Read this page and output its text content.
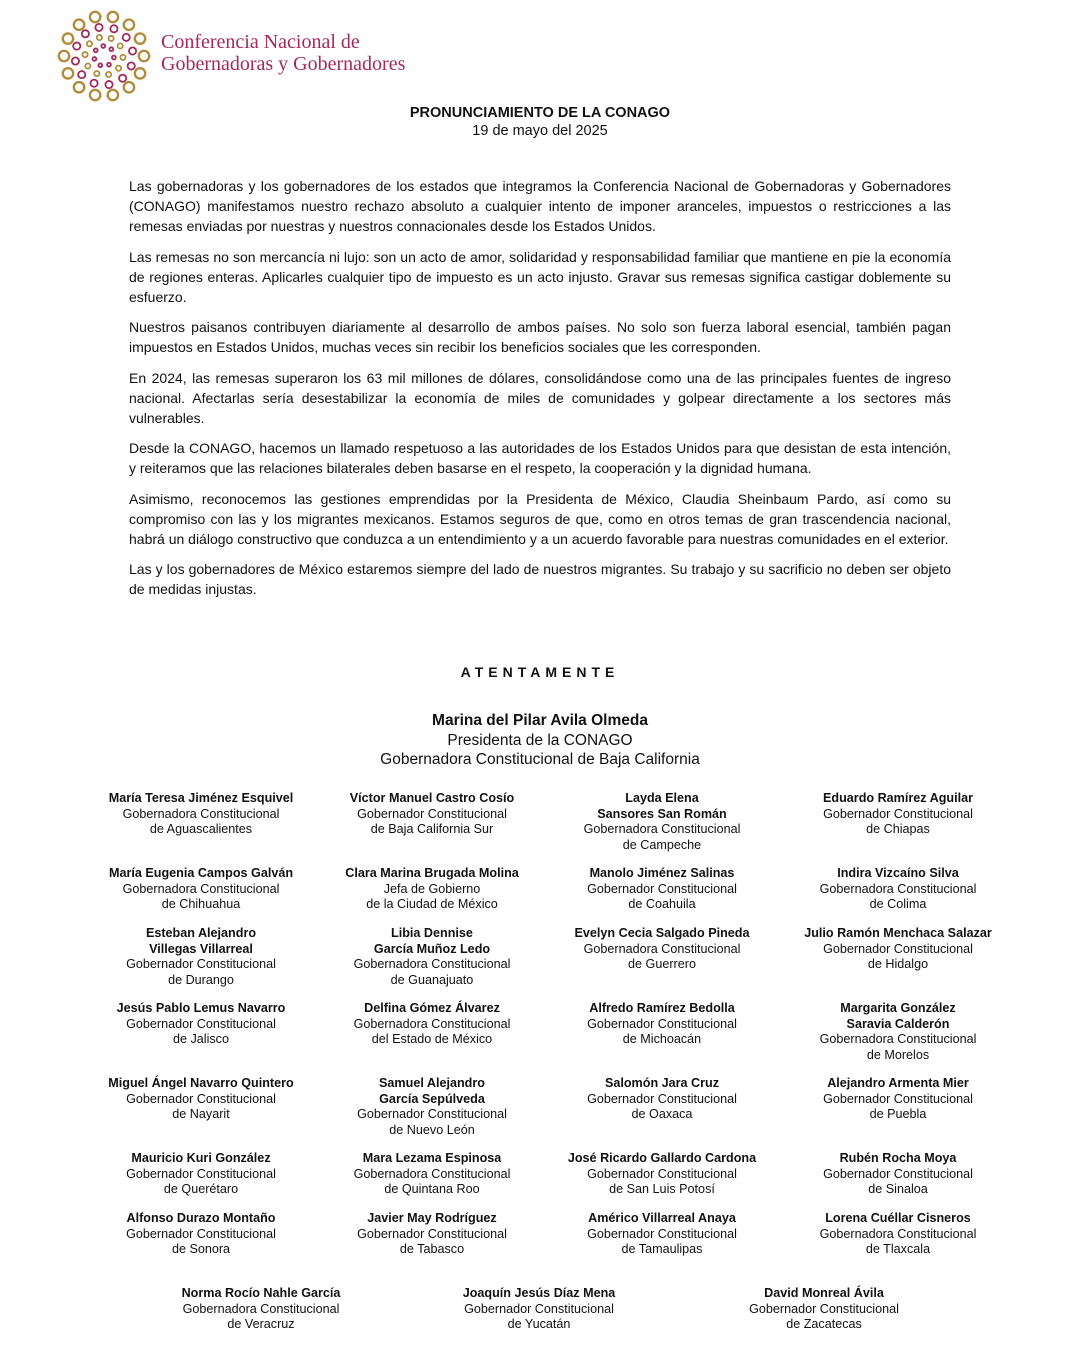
Conferencia Nacional de
Gobernadoras y Gobernadores
PRONUNCIAMIENTO DE LA CONAGO
19 de mayo del 2025

Las gobernadoras y los gobernadores de los estados que integramos la Conferencia Nacional de Gobernadoras y Gobernadores (CONAGO) manifestamos nuestro rechazo absoluto a cualquier intento de imponer aranceles, impuestos o restricciones a las remesas enviadas por nuestras y nuestros connacionales desde los Estados Unidos.

Las remesas no son mercancía ni lujo: son un acto de amor, solidaridad y responsabilidad familiar que mantiene en pie la economía de regiones enteras. Aplicarles cualquier tipo de impuesto es un acto injusto. Gravar sus remesas significa castigar doblemente su esfuerzo.

Nuestros paisanos contribuyen diariamente al desarrollo de ambos países. No solo son fuerza laboral esencial, también pagan impuestos en Estados Unidos, muchas veces sin recibir los beneficios sociales que les corresponden.

En 2024, las remesas superaron los 63 mil millones de dólares, consolidándose como una de las principales fuentes de ingreso nacional. Afectarlas sería desestabilizar la economía de miles de comunidades y golpear directamente a los sectores más vulnerables.

Desde la CONAGO, hacemos un llamado respetuoso a las autoridades de los Estados Unidos para que desistan de esta intención, y reiteramos que las relaciones bilaterales deben basarse en el respeto, la cooperación y la dignidad humana.

Asimismo, reconocemos las gestiones emprendidas por la Presidenta de México, Claudia Sheinbaum Pardo, así como su compromiso con las y los migrantes mexicanos. Estamos seguros de que, como en otros temas de gran trascendencia nacional, habrá un diálogo constructivo que conduzca a un entendimiento y a un acuerdo favorable para nuestras comunidades en el exterior.

Las y los gobernadores de México estaremos siempre del lado de nuestros migrantes. Su trabajo y su sacrificio no deben ser objeto de medidas injustas.

ATENTAMENTE
Marina del Pilar Avila Olmeda
Presidenta de la CONAGO
Gobernadora Constitucional de Baja California
María Teresa Jiménez Esquivel
Gobernadora Constitucional
de Aguascalientes
Víctor Manuel Castro Cosío
Gobernador Constitucional
de Baja California Sur
Layda Elena
Sansores San Román
Gobernadora Constitucional
de Campeche
Eduardo Ramírez Aguilar
Gobernador Constitucional
de Chiapas
María Eugenia Campos Galván
Gobernadora Constitucional
de Chihuahua
Clara Marina Brugada Molina
Jefa de Gobierno
de la Ciudad de México
Manolo Jiménez Salinas
Gobernador Constitucional
de Coahuila
Indira Vizcaíno Silva
Gobernadora Constitucional
de Colima
Esteban Alejandro
Villegas Villarreal
Gobernador Constitucional
de Durango
Libia Dennise
García Muñoz Ledo
Gobernadora Constitucional
de Guanajuato
Evelyn Cecia Salgado Pineda
Gobernadora Constitucional
de Guerrero
Julio Ramón Menchaca Salazar
Gobernador Constitucional
de Hidalgo
Jesús Pablo Lemus Navarro
Gobernador Constitucional
de Jalisco
Delfina Gómez Álvarez
Gobernadora Constitucional
del Estado de México
Alfredo Ramírez Bedolla
Gobernador Constitucional
de Michoacán
Margarita González
Saravia Calderón
Gobernadora Constitucional
de Morelos
Miguel Ángel Navarro Quintero
Gobernador Constitucional
de Nayarit
Samuel Alejandro
García Sepúlveda
Gobernador Constitucional
de Nuevo León
Salomón Jara Cruz
Gobernador Constitucional
de Oaxaca
Alejandro Armenta Mier
Gobernador Constitucional
de Puebla
Mauricio Kuri González
Gobernador Constitucional
de Querétaro
Mara Lezama Espinosa
Gobernadora Constitucional
de Quintana Roo
José Ricardo Gallardo Cardona
Gobernador Constitucional
de San Luis Potosí
Rubén Rocha Moya
Gobernador Constitucional
de Sinaloa
Alfonso Durazo Montaño
Gobernador Constitucional
de Sonora
Javier May Rodríguez
Gobernador Constitucional
de Tabasco
Américo Villarreal Anaya
Gobernador Constitucional
de Tamaulipas
Lorena Cuéllar Cisneros
Gobernadora Constitucional
de Tlaxcala
Norma Rocío Nahle García
Gobernadora Constitucional
de Veracruz
Joaquín Jesús Díaz Mena
Gobernador Constitucional
de Yucatán
David Monreal Ávila
Gobernador Constitucional
de Zacatecas
